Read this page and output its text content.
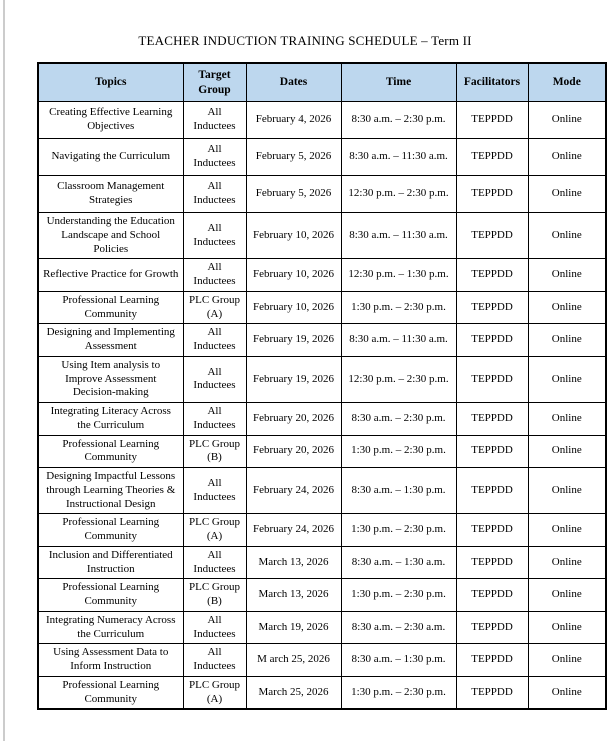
TEACHER INDUCTION TRAINING SCHEDULE – Term II
Topics	Target Group	Dates	Time	Facilitators	Mode
Creating Effective Learning Objectives	All Inductees	February 4, 2026	8:30 a.m. – 2:30 p.m.	TEPPDD	Online
Navigating the Curriculum	All Inductees	February 5, 2026	8:30 a.m. – 11:30 a.m.	TEPPDD	Online
Classroom Management Strategies	All Inductees	February 5, 2026	12:30 p.m. – 2:30 p.m.	TEPPDD	Online
Understanding the Education Landscape and School Policies	All Inductees	February 10, 2026	8:30 a.m. – 11:30 a.m.	TEPPDD	Online
Reflective Practice for Growth	All Inductees	February 10, 2026	12:30 p.m. – 1:30 p.m.	TEPPDD	Online
Professional Learning Community	PLC Group (A)	February 10, 2026	1:30 p.m. – 2:30 p.m.	TEPPDD	Online
Designing and Implementing Assessment	All Inductees	February 19, 2026	8:30 a.m. – 11:30 a.m.	TEPPDD	Online
Using Item analysis to Improve Assessment Decision-making	All Inductees	February 19, 2026	12:30 p.m. – 2:30 p.m.	TEPPDD	Online
Integrating Literacy Across the Curriculum	All Inductees	February 20, 2026	8:30 a.m. – 2:30 p.m.	TEPPDD	Online
Professional Learning Community	PLC Group (B)	February 20, 2026	1:30 p.m. – 2:30 p.m.	TEPPDD	Online
Designing Impactful Lessons through Learning Theories & Instructional Design	All Inductees	February 24, 2026	8:30 a.m. – 1:30 p.m.	TEPPDD	Online
Professional Learning Community	PLC Group (A)	February 24, 2026	1:30 p.m. – 2:30 p.m.	TEPPDD	Online
Inclusion and Differentiated Instruction	All Inductees	March 13, 2026	8:30 a.m. – 1:30 a.m.	TEPPDD	Online
Professional Learning Community	PLC Group (B)	March 13, 2026	1:30 p.m. – 2:30 p.m.	TEPPDD	Online
Integrating Numeracy Across the Curriculum	All Inductees	March 19, 2026	8:30 a.m. – 2:30 a.m.	TEPPDD	Online
Using Assessment Data to Inform Instruction	All Inductees	M arch 25, 2026	8:30 a.m. – 1:30 p.m.	TEPPDD	Online
Professional Learning Community	PLC Group (A)	March 25, 2026	1:30 p.m. – 2:30 p.m.	TEPPDD	Online
